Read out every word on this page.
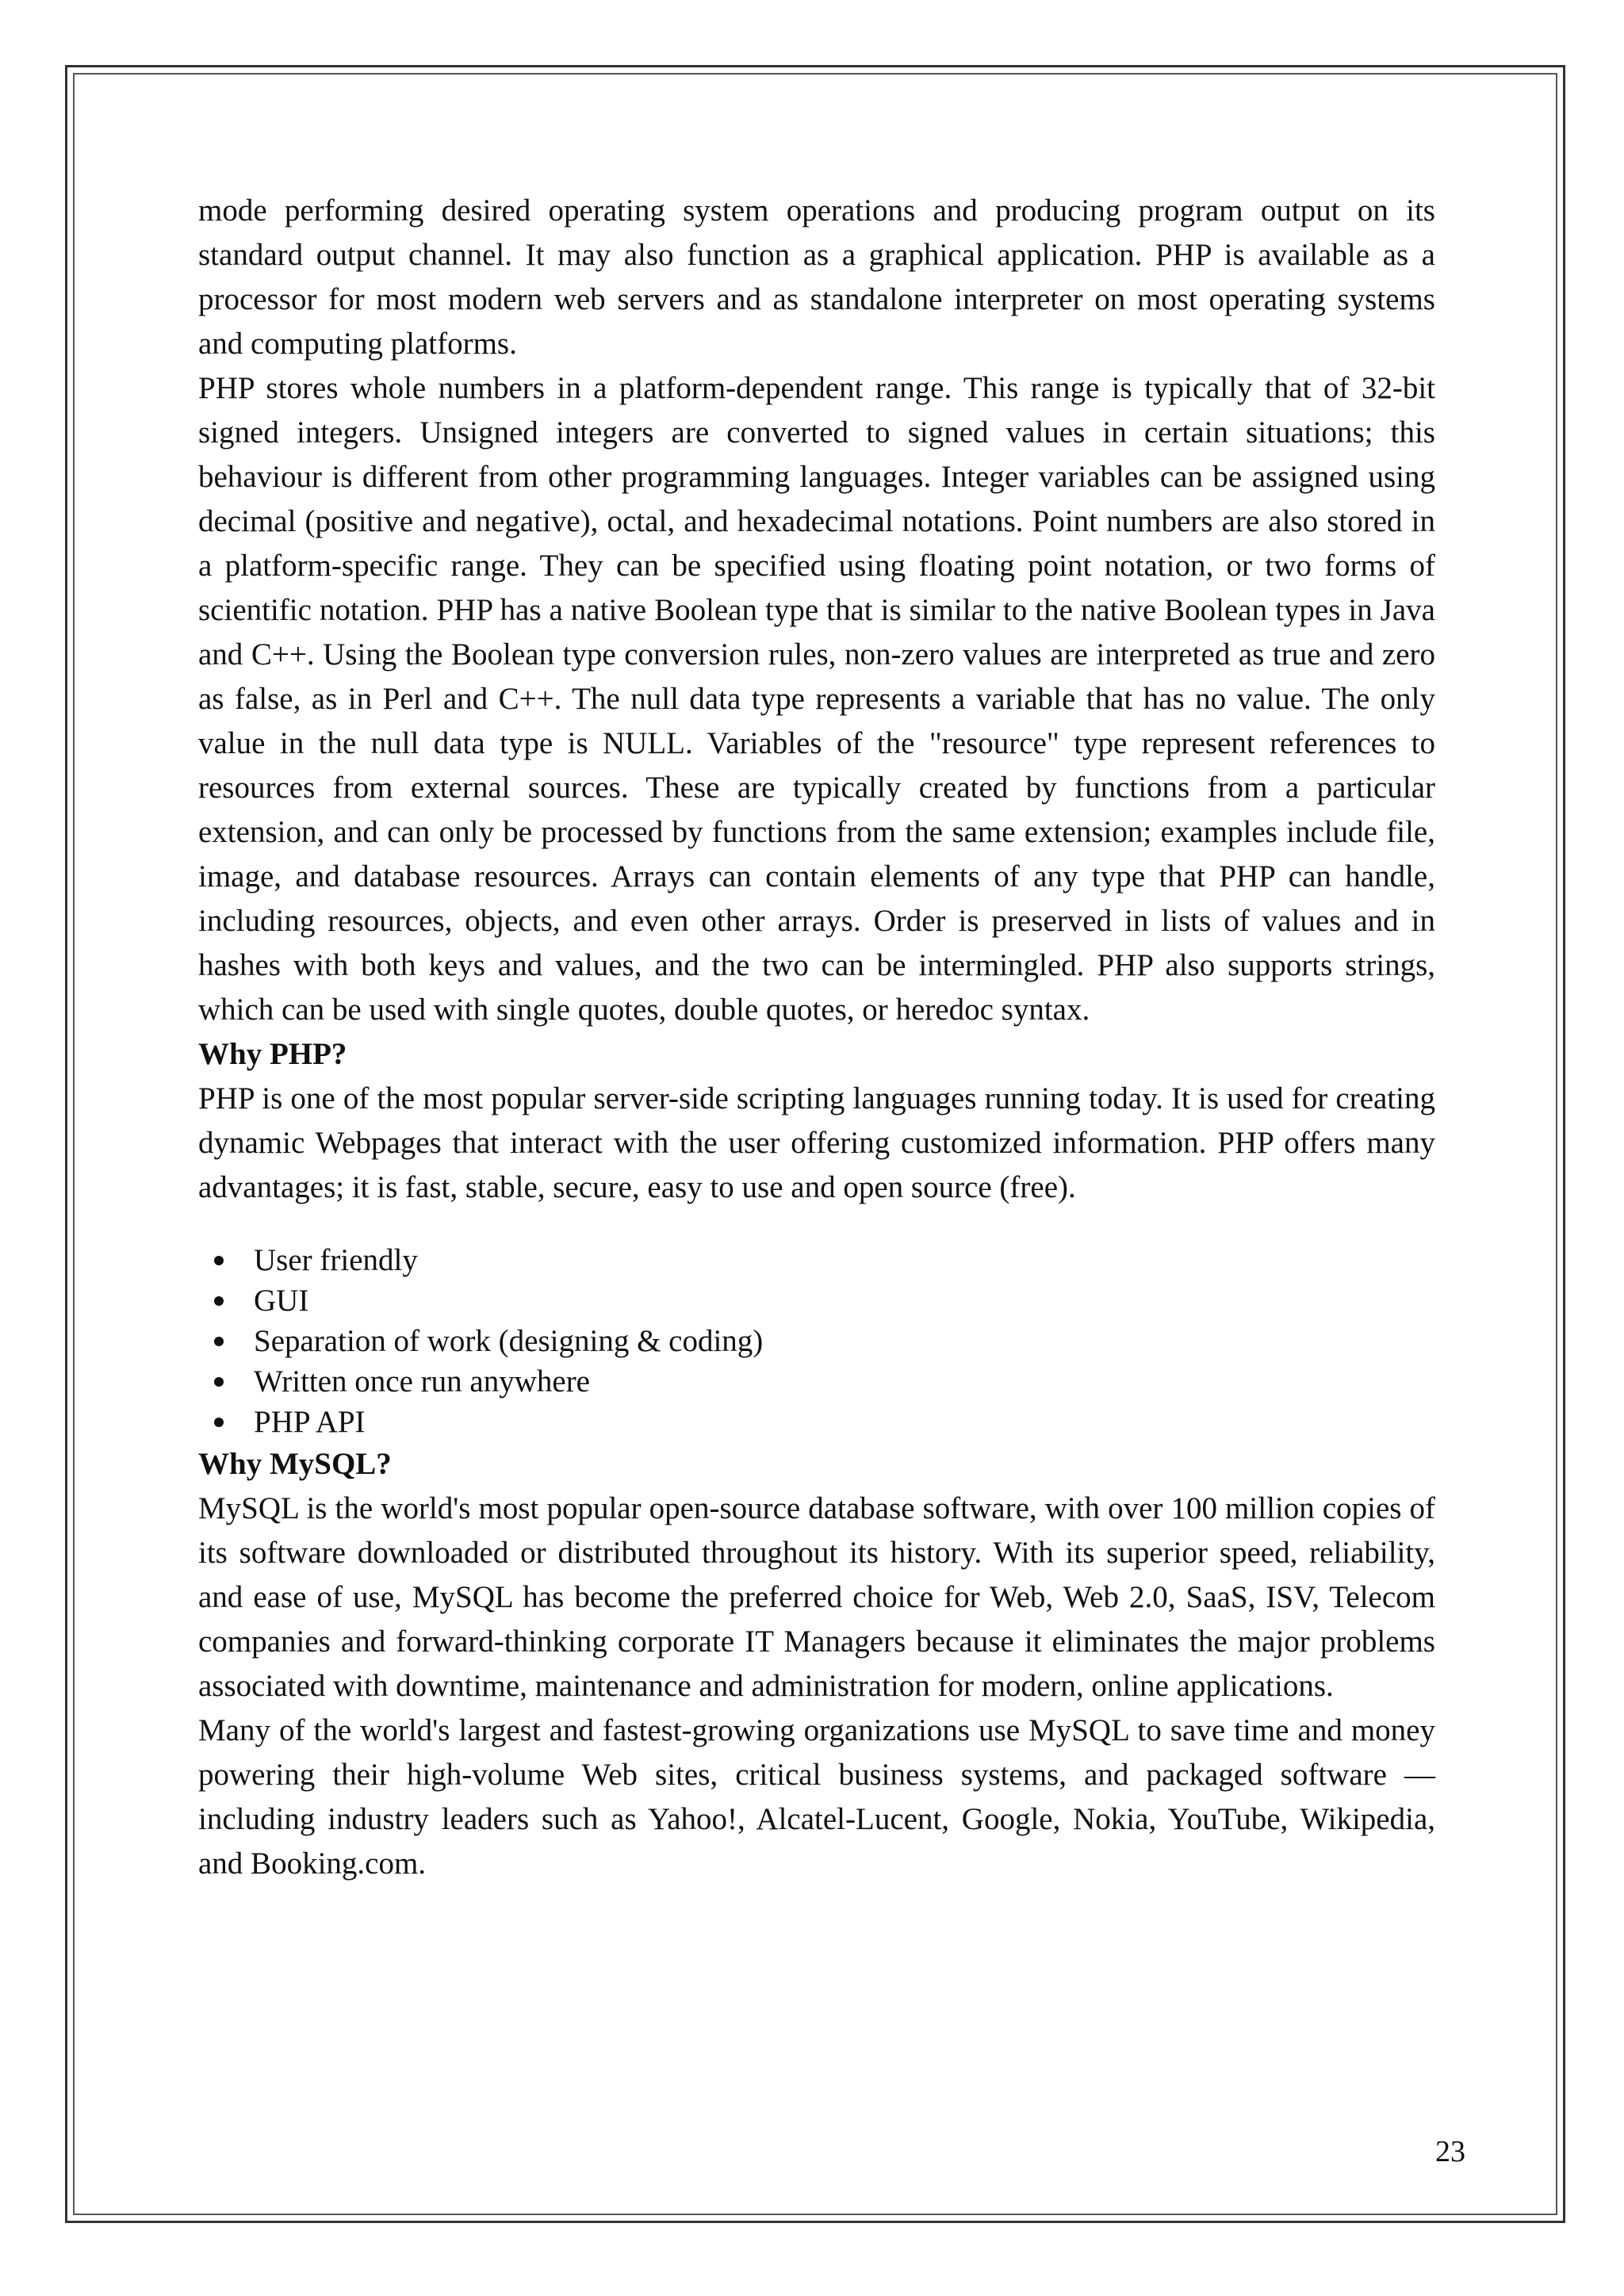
mode performing desired operating system operations and producing program output on its standard output channel. It may also function as a graphical application. PHP is available as a processor for most modern web servers and as standalone interpreter on most operating systems and computing platforms.

PHP stores whole numbers in a platform-dependent range. This range is typically that of 32-bit signed integers. Unsigned integers are converted to signed values in certain situations; this behaviour is different from other programming languages. Integer variables can be assigned using decimal (positive and negative), octal, and hexadecimal notations. Point numbers are also stored in a platform-specific range. They can be specified using floating point notation, or two forms of scientific notation. PHP has a native Boolean type that is similar to the native Boolean types in Java and C++. Using the Boolean type conversion rules, non-zero values are interpreted as true and zero as false, as in Perl and C++. The null data type represents a variable that has no value. The only value in the null data type is NULL. Variables of the "resource" type represent references to resources from external sources. These are typically created by functions from a particular extension, and can only be processed by functions from the same extension; examples include file, image, and database resources. Arrays can contain elements of any type that PHP can handle, including resources, objects, and even other arrays. Order is preserved in lists of values and in hashes with both keys and values, and the two can be intermingled. PHP also supports strings, which can be used with single quotes, double quotes, or heredoc syntax.

Why PHP?

PHP is one of the most popular server-side scripting languages running today. It is used for creating dynamic Webpages that interact with the user offering customized information. PHP offers many advantages; it is fast, stable, secure, easy to use and open source (free).

User friendly
GUI
Separation of work (designing & coding)
Written once run anywhere
PHP API

Why MySQL?

MySQL is the world's most popular open-source database software, with over 100 million copies of its software downloaded or distributed throughout its history. With its superior speed, reliability, and ease of use, MySQL has become the preferred choice for Web, Web 2.0, SaaS, ISV, Telecom companies and forward-thinking corporate IT Managers because it eliminates the major problems associated with downtime, maintenance and administration for modern, online applications.

Many of the world's largest and fastest-growing organizations use MySQL to save time and money powering their high-volume Web sites, critical business systems, and packaged software — including industry leaders such as Yahoo!, Alcatel-Lucent, Google, Nokia, YouTube, Wikipedia, and Booking.com.

23
